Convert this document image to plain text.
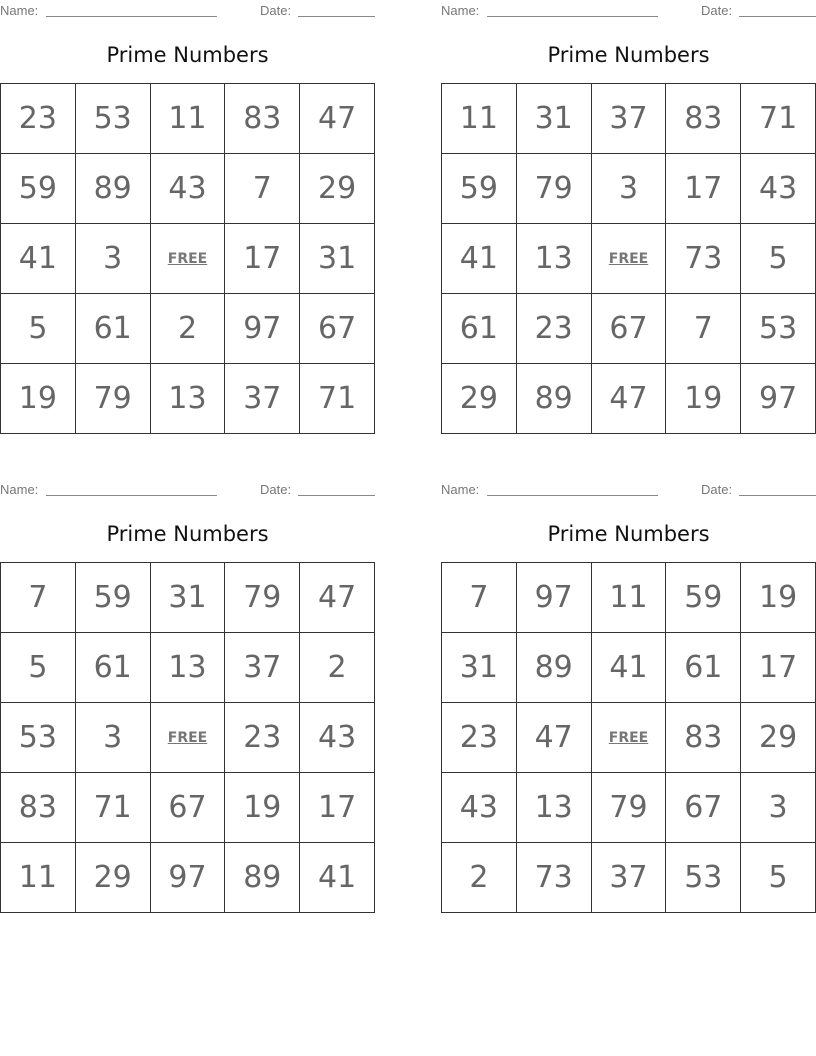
Name:	Date:
Prime Numbers
23	53	11	83	47
59	89	43	7	29
41	3	FREE	17	31
5	61	2	97	67
19	79	13	37	71
Name:	Date:
Prime Numbers
11	31	37	83	71
59	79	3	17	43
41	13	FREE	73	5
61	23	67	7	53
29	89	47	19	97
Name:	Date:
Prime Numbers
7	59	31	79	47
5	61	13	37	2
53	3	FREE	23	43
83	71	67	19	17
11	29	97	89	41
Name:	Date:
Prime Numbers
7	97	11	59	19
31	89	41	61	17
23	47	FREE	83	29
43	13	79	67	3
2	73	37	53	5
